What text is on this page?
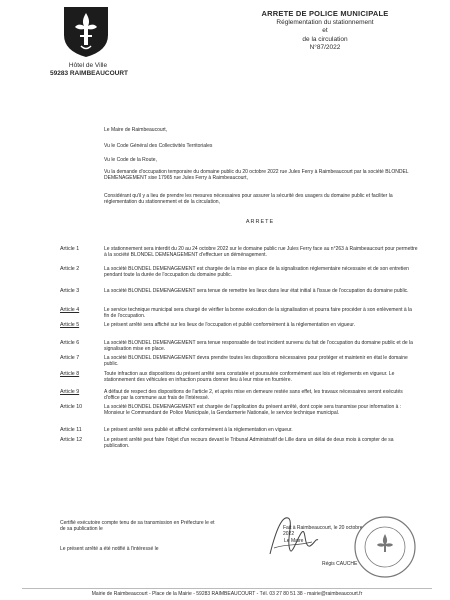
Hôtel de Ville
59283 RAIMBEAUCOURT
ARRETE DE POLICE MUNICIPALE
Réglementation du stationnement
et
de la circulation
N°87/2022

Le Maire de Raimbeaucourt,

Vu le Code Général des Collectivités Territoriales

Vu le Code de la Route,

Vu la demande d'occupation temporaire du domaine public du 20 octobre 2022 rue Jules Ferry à Raimbeaucourt par la société BLONDEL DEMENAGEMENT sise 17965 rue Jules Ferry à Raimbeaucourt,

Considérant qu'il y a lieu de prendre les mesures nécessaires pour assurer la sécurité des usagers du domaine public et faciliter la réglementation du stationnement et de la circulation,

ARRETE
Article 1	Le stationnement sera interdit du 20 au 24 octobre 2022 sur le domaine public rue Jules Ferry face au n°263 à Raimbeaucourt pour permettre à la société BLONDEL DEMENAGEMENT d'effectuer un déménagement.

Article 2	La société BLONDEL DEMENAGEMENT est chargée de la mise en place de la signalisation réglementaire nécessaire et de son entretien pendant toute la durée de l'occupation du domaine public.

Article 3	La société BLONDEL DEMENAGEMENT sera tenue de remettre les lieux dans leur état initial à l'issue de l'occupation du domaine public.

Article 4	Le service technique municipal sera chargé de vérifier la bonne exécution de la signalisation et pourra faire procéder à son enlèvement à la fin de l'occupation.

Article 5	Le présent arrêté sera affiché sur les lieux de l'occupation et publié conformément à la réglementation en vigueur.

Article 6	La société BLONDEL DEMENAGEMENT sera tenue responsable de tout incident survenu du fait de l'occupation du domaine public et de la signalisation mise en place.

Article 7	La société BLONDEL DEMENAGEMENT devra prendre toutes les dispositions nécessaires pour protéger et maintenir en état le domaine public.

Article 8	Toute infraction aux dispositions du présent arrêté sera constatée et poursuivie conformément aux lois et règlements en vigueur. Le stationnement des véhicules en infraction pourra donner lieu à leur mise en fourrière.

Article 9	A défaut de respect des dispositions de l'article 2, et après mise en demeure restée sans effet, les travaux nécessaires seront exécutés d'office par la commune aux frais de l'intéressé.

Article 10	La société BLONDEL DEMENAGEMENT est chargée de l'application du présent arrêté, dont copie sera transmise pour information à : Monsieur le Commandant de Police Municipale, la Gendarmerie Nationale, le service technique municipal.

Article 11	Le présent arrêté sera publié et affiché conformément à la réglementation en vigueur.

Article 12	Le présent arrêté peut faire l'objet d'un recours devant le Tribunal Administratif de Lille dans un délai de deux mois à compter de sa publication.

Certifié exécutoire compte tenu de sa transmission en Préfecture le et de sa publication le
Le présent arrêté a été notifié à l'intéressé le
Fait à Raimbeaucourt, le 20 octobre 2022
Le Maire
Régis CAUCHE
Mairie de Raimbeaucourt - Place de la Mairie - 59283 RAIMBEAUCOURT - Tél. 03 27 80 51 38 - mairie@raimbeaucourt.fr
